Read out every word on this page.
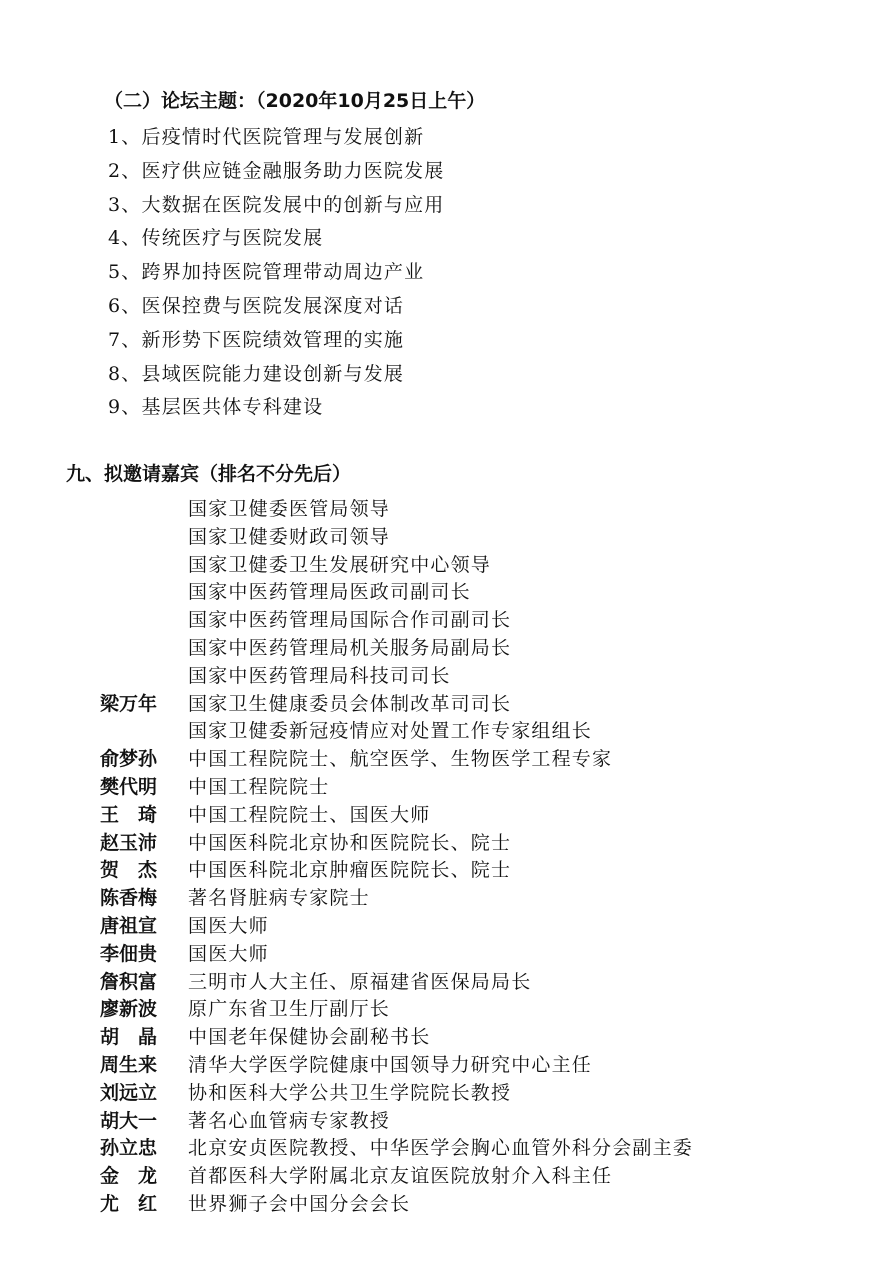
（二）论坛主题：（2020年10月25日上午）
1、后疫情时代医院管理与发展创新
2、医疗供应链金融服务助力医院发展
3、大数据在医院发展中的创新与应用
4、传统医疗与医院发展
5、跨界加持医院管理带动周边产业
6、医保控费与医院发展深度对话
7、新形势下医院绩效管理的实施
8、县域医院能力建设创新与发展
9、基层医共体专科建设
九、拟邀请嘉宾（排名不分先后）
国家卫健委医管局领导
国家卫健委财政司领导
国家卫健委卫生发展研究中心领导
国家中医药管理局医政司副司长
国家中医药管理局国际合作司副司长
国家中医药管理局机关服务局副局长
国家中医药管理局科技司司长
梁万年 国家卫生健康委员会体制改革司司长
国家卫健委新冠疫情应对处置工作专家组组长
俞梦孙 中国工程院院士、航空医学、生物医学工程专家
樊代明 中国工程院院士
王　琦 中国工程院院士、国医大师
赵玉沛 中国医科院北京协和医院院长、院士
贺　杰 中国医科院北京肿瘤医院院长、院士
陈香梅 著名肾脏病专家院士
唐祖宣 国医大师
李佃贵 国医大师
詹积富 三明市人大主任、原福建省医保局局长
廖新波 原广东省卫生厅副厅长
胡　晶 中国老年保健协会副秘书长
周生来 清华大学医学院健康中国领导力研究中心主任
刘远立 协和医科大学公共卫生学院院长教授
胡大一 著名心血管病专家教授
孙立忠 北京安贞医院教授、中华医学会胸心血管外科分会副主委
金　龙 首都医科大学附属北京友谊医院放射介入科主任
尤　红 世界狮子会中国分会会长
